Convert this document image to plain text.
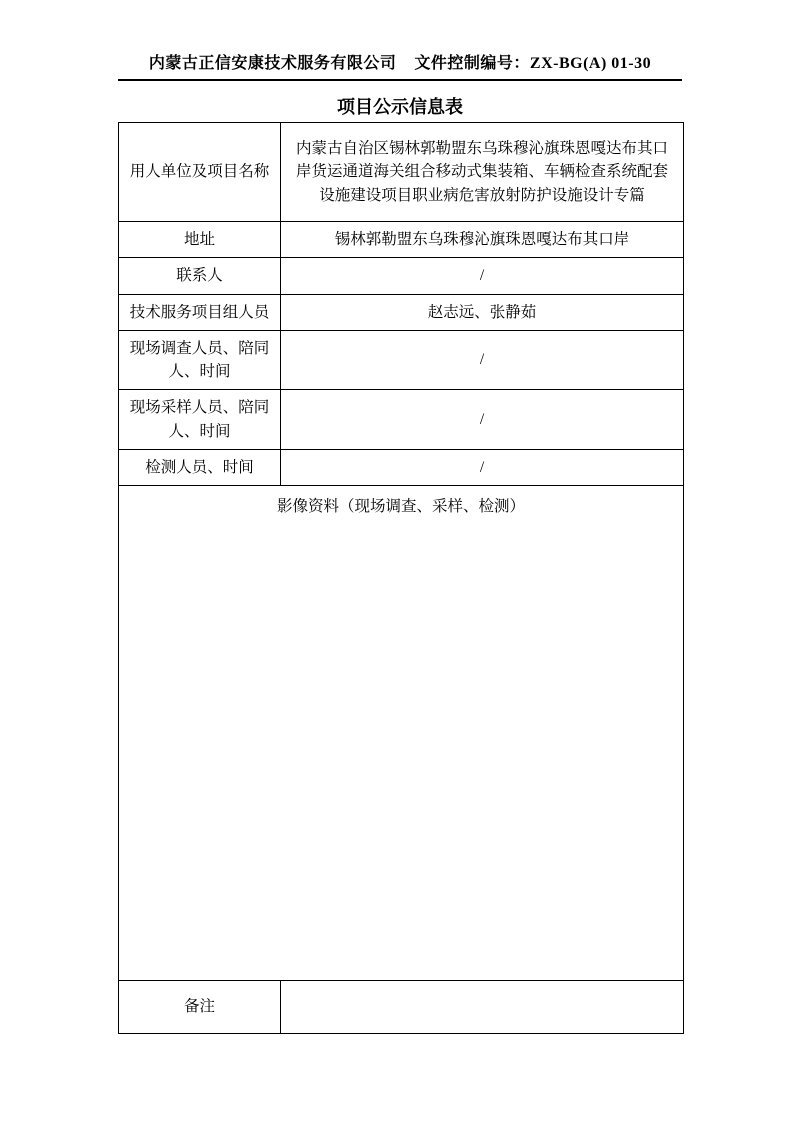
内蒙古正信安康技术服务有限公司 文件控制编号：ZX-BG(A) 01-30
项目公示信息表
用人单位及项目名称	内蒙古自治区锡林郭勒盟东乌珠穆沁旗珠恩嘎达布其口岸货运通道海关组合移动式集装箱、车辆检查系统配套设施建设项目职业病危害放射防护设施设计专篇
地址	锡林郭勒盟东乌珠穆沁旗珠恩嘎达布其口岸
联系人	/
技术服务项目组人员	赵志远、张静茹
现场调查人员、陪同人、时间	/
现场采样人员、陪同人、时间	/
检测人员、时间	/
影像资料（现场调查、采样、检测）	

备注	
